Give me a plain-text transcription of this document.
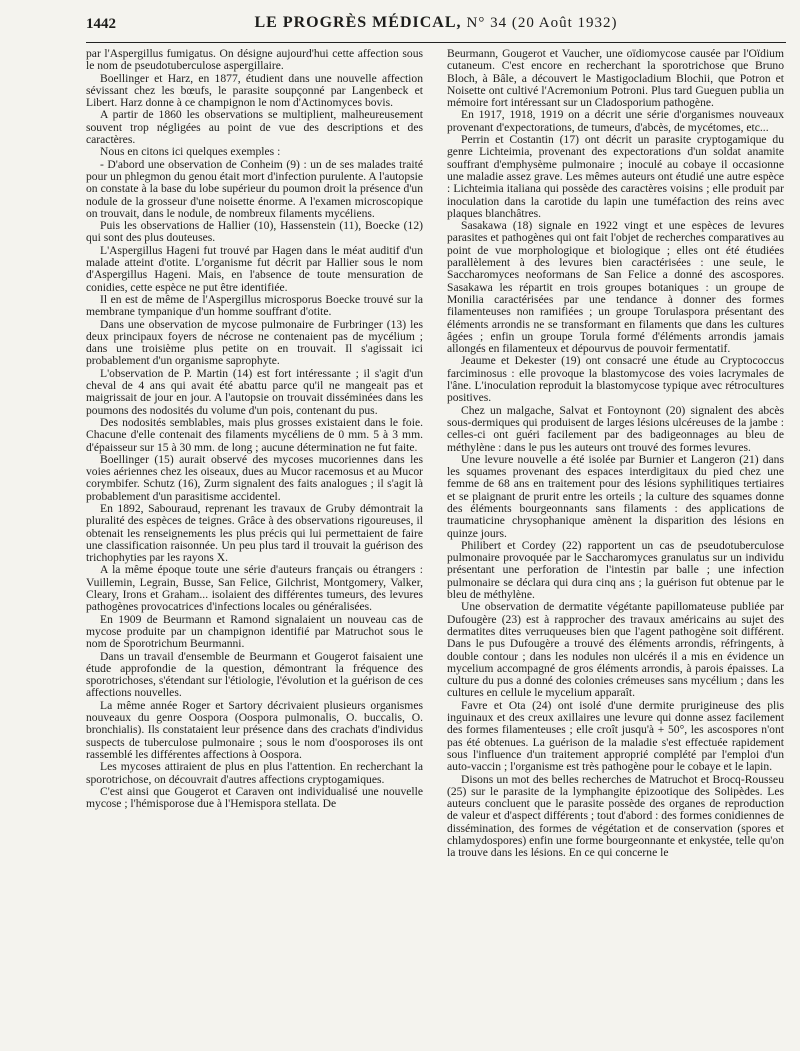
1442	LE PROGRÈS MÉDICAL, N° 34 (20 Août 1932)

par l'Aspergillus fumigatus. On désigne aujourd'hui cette affection sous le nom de pseudotuberculose aspergillaire.

Boellinger et Harz, en 1877, étudient dans une nouvelle affection sévissant chez les bœufs, le parasite soupçonné par Langenbeck et Libert. Harz donne à ce champignon le nom d'Actinomyces bovis.

A partir de 1860 les observations se multiplient, malheureusement souvent trop négligées au point de vue des descriptions et des caractères.

Nous en citons ici quelques exemples :

- D'abord une observation de Conheim (9) : un de ses malades traité pour un phlegmon du genou était mort d'infection purulente. A l'autopsie on constate à la base du lobe supérieur du poumon droit la présence d'un nodule de la grosseur d'une noisette énorme. A l'examen microscopique on trouvait, dans le nodule, de nombreux filaments mycéliens.

Puis les observations de Hallier (10), Hassenstein (11), Boecke (12) qui sont des plus douteuses.

L'Aspergillus Hageni fut trouvé par Hagen dans le méat auditif d'un malade atteint d'otite. L'organisme fut décrit par Hallier sous le nom d'Aspergillus Hageni. Mais, en l'absence de toute mensuration de conidies, cette espèce ne put être identifiée.

Il en est de même de l'Aspergillus microsporus Boecke trouvé sur la membrane tympanique d'un homme souffrant d'otite.

Dans une observation de mycose pulmonaire de Furbringer (13) les deux principaux foyers de nécrose ne contenaient pas de mycélium ; dans une troisième plus petite on en trouvait. Il s'agissait ici probablement d'un organisme saprophyte.

L'observation de P. Martin (14) est fort intéressante ; il s'agit d'un cheval de 4 ans qui avait été abattu parce qu'il ne mangeait pas et maigrissait de jour en jour. A l'autopsie on trouvait disséminées dans les poumons des nodosités du volume d'un pois, contenant du pus.

Des nodosités semblables, mais plus grosses existaient dans le foie. Chacune d'elle contenait des filaments mycéliens de 0 mm. 5 à 3 mm. d'épaisseur sur 15 à 30 mm. de long ; aucune détermination ne fut faite.

Boellinger (15) aurait observé des mycoses mucoriennes dans les voies aériennes chez les oiseaux, dues au Mucor racemosus et au Mucor corymbifer. Schutz (16), Zurm signalent des faits analogues ; il s'agit là probablement d'un parasitisme accidentel.

En 1892, Sabouraud, reprenant les travaux de Gruby démontrait la pluralité des espèces de teignes. Grâce à des observations rigoureuses, il obtenait les renseignements les plus précis qui lui permettaient de faire une classification raisonnée. Un peu plus tard il trouvait la guérison des trichophyties par les rayons X.

A la même époque toute une série d'auteurs français ou étrangers : Vuillemin, Legrain, Busse, San Felice, Gilchrist, Montgomery, Valker, Cleary, Irons et Graham... isolaient des différentes tumeurs, des levures pathogènes provocatrices d'infections locales ou généralisées.

En 1909 de Beurmann et Ramond signalaient un nouveau cas de mycose produite par un champignon identifié par Matruchot sous le nom de Sporotrichum Beurmanni.

Dans un travail d'ensemble de Beurmann et Gougerot faisaient une étude approfondie de la question, démontrant la fréquence des sporotrichoses, s'étendant sur l'étiologie, l'évolution et la guérison de ces affections nouvelles.

La même année Roger et Sartory décrivaient plusieurs organismes nouveaux du genre Oospora (Oospora pulmonalis, O. buccalis, O. bronchialis). Ils constataient leur présence dans des crachats d'individus suspects de tuberculose pulmonaire ; sous le nom d'oosporoses ils ont rassemblé les différentes affections à Oospora.

Les mycoses attiraient de plus en plus l'attention. En recherchant la sporotrichose, on découvrait d'autres affections cryptogamiques.

C'est ainsi que Gougerot et Caraven ont individualisé une nouvelle mycose ; l'hémisporose due à l'Hemispora stellata. De

Beurmann, Gougerot et Vaucher, une oïdiomycose causée par l'Oïdium cutaneum. C'est encore en recherchant la sporotrichose que Bruno Bloch, à Bâle, a découvert le Mastigocladium Blochii, que Potron et Noisette ont cultivé l'Acremonium Potroni. Plus tard Gueguen publia un mémoire fort intéressant sur un Cladosporium pathogène.

En 1917, 1918, 1919 on a décrit une série d'organismes nouveaux provenant d'expectorations, de tumeurs, d'abcès, de mycétomes, etc...

Perrin et Costantin (17) ont décrit un parasite cryptogamique du genre Lichteimia, provenant des expectorations d'un soldat anamite souffrant d'emphysème pulmonaire ; inoculé au cobaye il occasionne une maladie assez grave. Les mêmes auteurs ont étudié une autre espèce : Lichteimia italiana qui possède des caractères voisins ; elle produit par inoculation dans la carotide du lapin une tuméfaction des reins avec plaques blanchâtres.

Sasakawa (18) signale en 1922 vingt et une espèces de levures parasites et pathogènes qui ont fait l'objet de recherches comparatives au point de vue morphologique et biologique ; elles ont été étudiées parallèlement à des levures bien caractérisées : une seule, le Saccharomyces neoformans de San Felice a donné des ascospores. Sasakawa les répartit en trois groupes botaniques : un groupe de Monilia caractérisées par une tendance à donner des formes filamenteuses non ramifiées ; un groupe Torulaspora présentant des éléments arrondis ne se transformant en filaments que dans les cultures âgées ; enfin un groupe Torula formé d'éléments arrondis jamais allongés en filamenteux et dépourvus de pouvoir fermentatif.

Jeaume et Dekester (19) ont consacré une étude au Cryptococcus farciminosus : elle provoque la blastomycose des voies lacrymales de l'âne. L'inoculation reproduit la blastomycose typique avec rétrocultures positives.

Chez un malgache, Salvat et Fontoynont (20) signalent des abcès sous-dermiques qui produisent de larges lésions ulcéreuses de la jambe : celles-ci ont guéri facilement par des badigeonnages au bleu de méthylène : dans le pus les auteurs ont trouvé des formes levures.

Une levure nouvelle a été isolée par Burnier et Langeron (21) dans les squames provenant des espaces interdigitaux du pied chez une femme de 68 ans en traitement pour des lésions syphilitiques tertiaires et se plaignant de prurit entre les orteils ; la culture des squames donne des éléments bourgeonnants sans filaments : des applications de traumaticine chrysophanique amènent la disparition des lésions en quinze jours.

Philibert et Cordey (22) rapportent un cas de pseudotuberculose pulmonaire provoquée par le Saccharomyces granulatus sur un individu présentant une perforation de l'intestin par balle ; une infection pulmonaire se déclara qui dura cinq ans ; la guérison fut obtenue par le bleu de méthylène.

Une observation de dermatite végétante papillomateuse publiée par Dufougère (23) est à rapprocher des travaux américains au sujet des dermatites dites verruqueuses bien que l'agent pathogène soit différent. Dans le pus Dufougère a trouvé des éléments arrondis, réfringents, à double contour ; dans les nodules non ulcérés il a mis en évidence un mycelium accompagné de gros éléments arrondis, à parois épaisses. La culture du pus a donné des colonies crémeuses sans mycélium ; dans les cultures en cellule le mycelium apparaît.

Favre et Ota (24) ont isolé d'une dermite prurigineuse des plis inguinaux et des creux axillaires une levure qui donne assez facilement des formes filamenteuses ; elle croît jusqu'à + 50°, les ascospores n'ont pas été obtenues. La guérison de la maladie s'est effectuée rapidement sous l'influence d'un traitement approprié complété par l'emploi d'un auto-vaccin ; l'organisme est très pathogène pour le cobaye et le lapin.

Disons un mot des belles recherches de Matruchot et Brocq-Rousseu (25) sur le parasite de la lymphangite épizootique des Solipèdes. Les auteurs concluent que le parasite possède des organes de reproduction de valeur et d'aspect différents ; tout d'abord : des formes conidiennes de dissémination, des formes de végétation et de conservation (spores et chlamydospores) enfin une forme bourgeonnante et enkystée, telle qu'on la trouve dans les lésions. En ce qui concerne le
